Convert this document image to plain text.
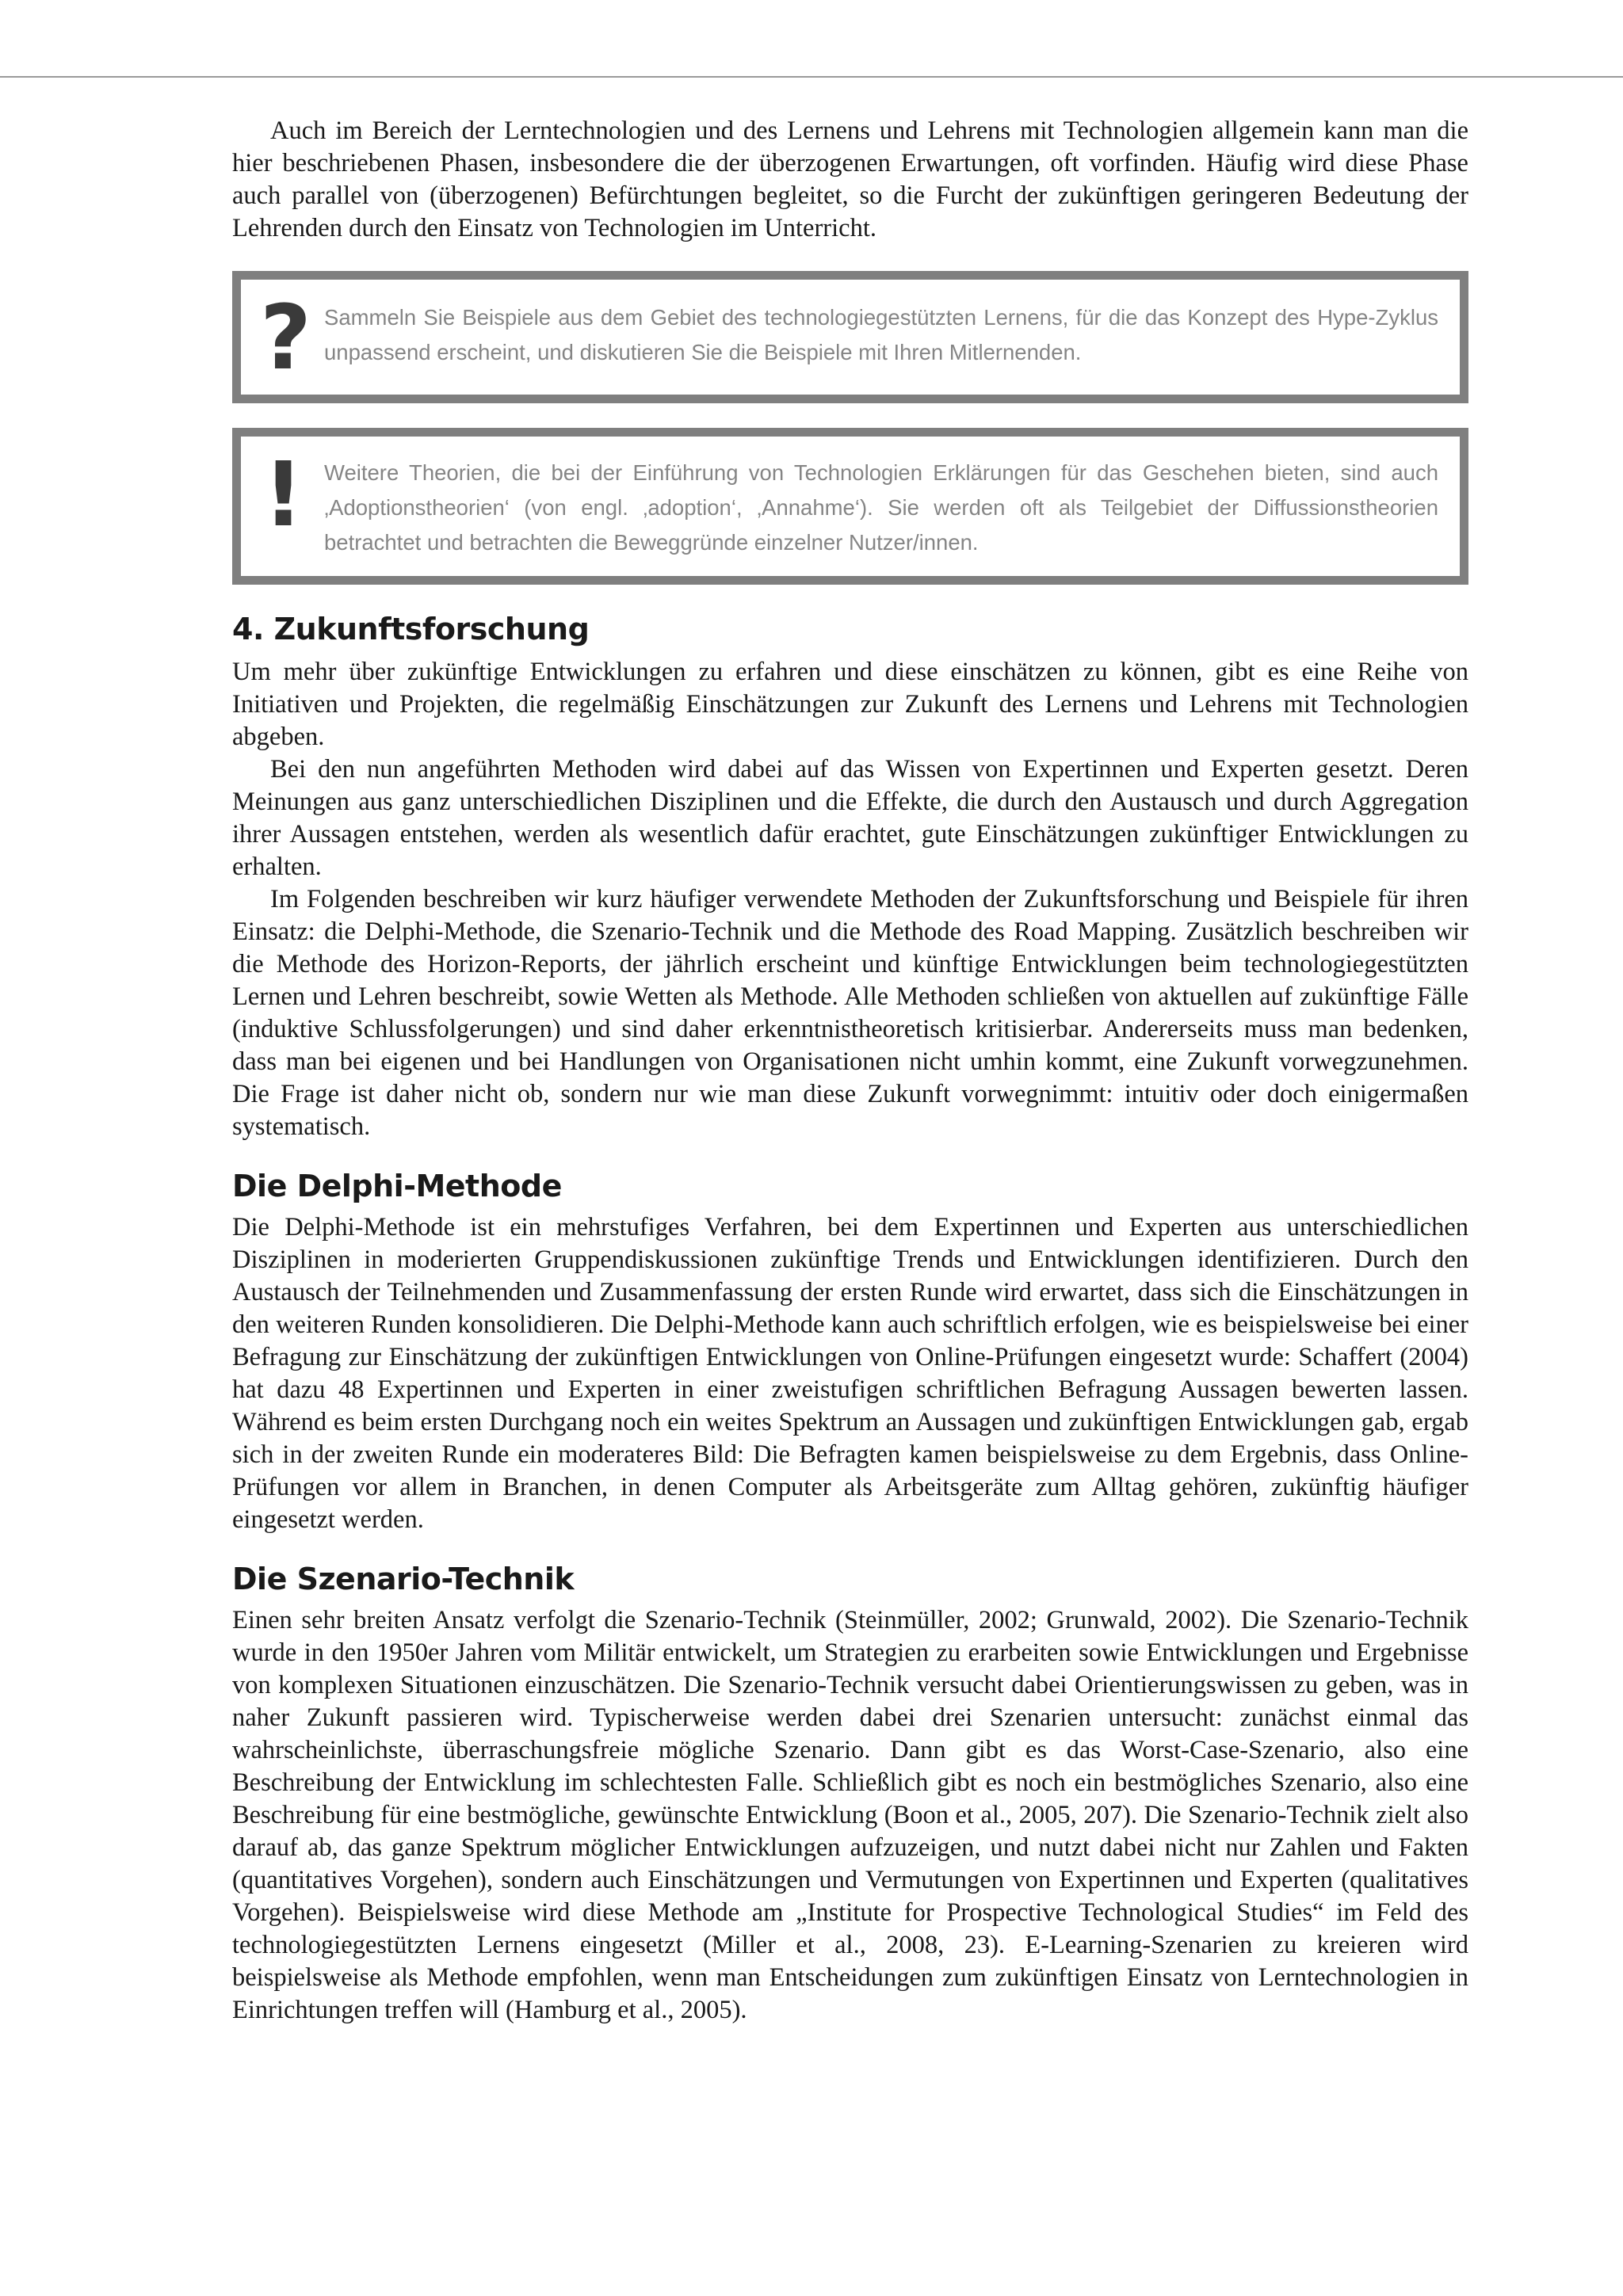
Auch im Bereich der Lerntechnologien und des Lernens und Lehrens mit Technologien allgemein kann man die hier beschriebenen Phasen, insbesondere die der überzogenen Erwartungen, oft vorfinden. Häufig wird diese Phase auch parallel von (überzogenen) Befürchtungen begleitet, so die Furcht der zukünftigen geringeren Bedeutung der Lehrenden durch den Einsatz von Technologien im Unterricht.

? Sammeln Sie Beispiele aus dem Gebiet des technologiegestützten Lernens, für die das Konzept des Hype-Zyklus unpassend erscheint, und diskutieren Sie die Beispiele mit Ihren Mitlernenden.
! Weitere Theorien, die bei der Einführung von Technologien Erklärungen für das Geschehen bieten, sind auch ‚Adoptionstheorien‘ (von engl. ‚adoption‘, ‚Annahme‘). Sie werden oft als Teilgebiet der Diffussionstheorien betrachtet und betrachten die Beweggründe einzelner Nutzer/innen.
4. Zukunftsforschung

Um mehr über zukünftige Entwicklungen zu erfahren und diese einschätzen zu können, gibt es eine Reihe von Initiativen und Projekten, die regelmäßig Einschätzungen zur Zukunft des Lernens und Lehrens mit Technologien abgeben.

Bei den nun angeführten Methoden wird dabei auf das Wissen von Expertinnen und Experten gesetzt. Deren Meinungen aus ganz unterschiedlichen Disziplinen und die Effekte, die durch den Austausch und durch Aggregation ihrer Aussagen entstehen, werden als wesentlich dafür erachtet, gute Einschätzungen zukünftiger Entwicklungen zu erhalten.

Im Folgenden beschreiben wir kurz häufiger verwendete Methoden der Zukunftsforschung und Beispiele für ihren Einsatz: die Delphi-Methode, die Szenario-Technik und die Methode des Road Mapping. Zusätzlich beschreiben wir die Methode des Horizon-Reports, der jährlich erscheint und künftige Entwicklungen beim technologiegestützten Lernen und Lehren beschreibt, sowie Wetten als Methode. Alle Methoden schließen von aktuellen auf zukünftige Fälle (induktive Schlussfolgerungen) und sind daher erkenntnistheoretisch kritisierbar. Andererseits muss man bedenken, dass man bei eigenen und bei Handlungen von Organisationen nicht umhin kommt, eine Zukunft vorwegzunehmen. Die Frage ist daher nicht ob, sondern nur wie man diese Zukunft vorwegnimmt: intuitiv oder doch einigermaßen systematisch.

Die Delphi-Methode

Die Delphi-Methode ist ein mehrstufiges Verfahren, bei dem Expertinnen und Experten aus unterschiedlichen Disziplinen in moderierten Gruppendiskussionen zukünftige Trends und Entwicklungen identifizieren. Durch den Austausch der Teilnehmenden und Zusammenfassung der ersten Runde wird erwartet, dass sich die Einschätzungen in den weiteren Runden konsolidieren. Die Delphi-Methode kann auch schriftlich erfolgen, wie es beispielsweise bei einer Befragung zur Einschätzung der zukünftigen Entwicklungen von Online-Prüfungen eingesetzt wurde: Schaffert (2004) hat dazu 48 Expertinnen und Experten in einer zweistufigen schriftlichen Befragung Aussagen bewerten lassen. Während es beim ersten Durchgang noch ein weites Spektrum an Aussagen und zukünftigen Entwicklungen gab, ergab sich in der zweiten Runde ein moderateres Bild: Die Befragten kamen beispielsweise zu dem Ergebnis, dass Online-Prüfungen vor allem in Branchen, in denen Computer als Arbeitsgeräte zum Alltag gehören, zukünftig häufiger eingesetzt werden.

Die Szenario-Technik

Einen sehr breiten Ansatz verfolgt die Szenario-Technik (Steinmüller, 2002; Grunwald, 2002). Die Szenario-Technik wurde in den 1950er Jahren vom Militär entwickelt, um Strategien zu erarbeiten sowie Entwicklungen und Ergebnisse von komplexen Situationen einzuschätzen. Die Szenario-Technik versucht dabei Orientierungswissen zu geben, was in naher Zukunft passieren wird. Typischerweise werden dabei drei Szenarien untersucht: zunächst einmal das wahrscheinlichste, überraschungsfreie mögliche Szenario. Dann gibt es das Worst-Case-Szenario, also eine Beschreibung der Entwicklung im schlechtesten Falle. Schließlich gibt es noch ein bestmögliches Szenario, also eine Beschreibung für eine bestmögliche, gewünschte Entwicklung (Boon et al., 2005, 207). Die Szenario-Technik zielt also darauf ab, das ganze Spektrum möglicher Entwicklungen aufzuzeigen, und nutzt dabei nicht nur Zahlen und Fakten (quantitatives Vorgehen), sondern auch Einschätzungen und Vermutungen von Expertinnen und Experten (qualitatives Vorgehen). Beispielsweise wird diese Methode am „Institute for Prospective Technological Studies“ im Feld des technologiegestützten Lernens eingesetzt (Miller et al., 2008, 23). E-Learning-Szenarien zu kreieren wird beispielsweise als Methode empfohlen, wenn man Entscheidungen zum zukünftigen Einsatz von Lerntechnologien in Einrichtungen treffen will (Hamburg et al., 2005).
